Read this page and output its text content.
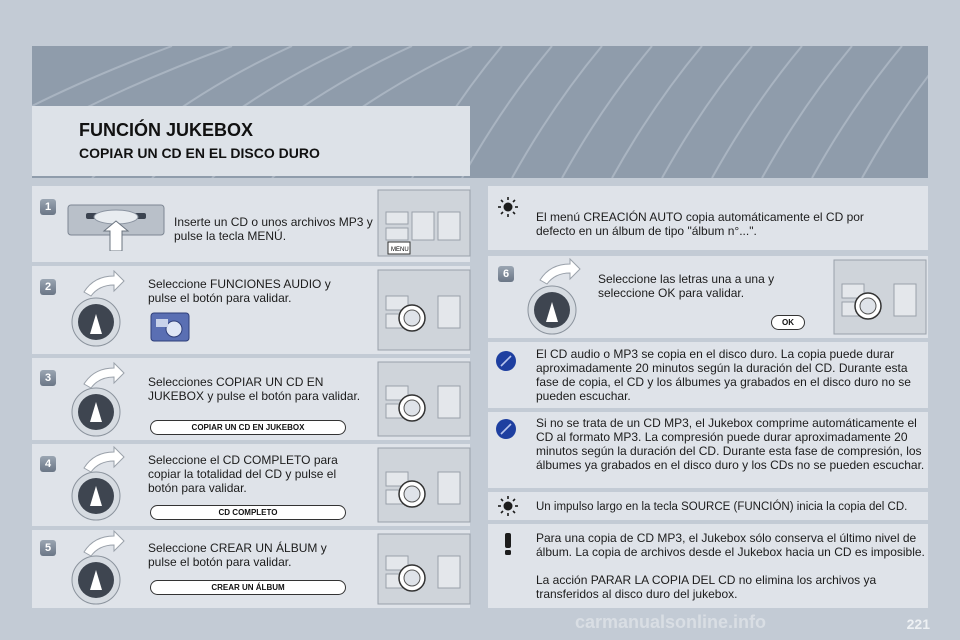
FUNCIÓN JUKEBOX
COPIAR UN CD EN EL DISCO DURO
1
Inserte un CD o unos archivos MP3 y pulse la tecla MENÚ.
MENU
2	Seleccione FUNCIONES AUDIO y pulse el botón para validar.
3	Selecciones COPIAR UN CD EN JUKEBOX y pulse el botón para validar.
COPIAR UN CD EN JUKEBOX
4	Seleccione el CD COMPLETO para copiar la totalidad del CD y pulse el botón para validar.
CD COMPLETO
5	Seleccione CREAR UN ÁLBUM y pulse el botón para validar.
CREAR UN ÁLBUM
El menú CREACIÓN AUTO copia automáticamente el CD por defecto en un álbum de tipo "álbum n°...".
6	Seleccione las letras una a una y seleccione OK para validar.
OK
El CD audio o MP3 se copia en el disco duro. La copia puede durar aproximadamente 20 minutos según la duración del CD. Durante esta fase de copia, el CD y los álbumes ya grabados en el disco duro no se pueden escuchar.
Si no se trata de un CD MP3, el Jukebox comprime automáticamente el CD al formato MP3. La compresión puede durar aproximadamente 20 minutos según la duración del CD. Durante esta fase de compresión, los álbumes ya grabados en el disco duro y los CDs no se pueden escuchar.
Un impulso largo en la tecla SOURCE (FUNCIÓN) inicia la copia del CD.
Para una copia de CD MP3, el Jukebox sólo conserva el último nivel de álbum. La copia de archivos desde el Jukebox hacia un CD es imposible.
La acción PARAR LA COPIA DEL CD no elimina los archivos ya transferidos al disco duro del jukebox.
221
carmanualsonline.info
